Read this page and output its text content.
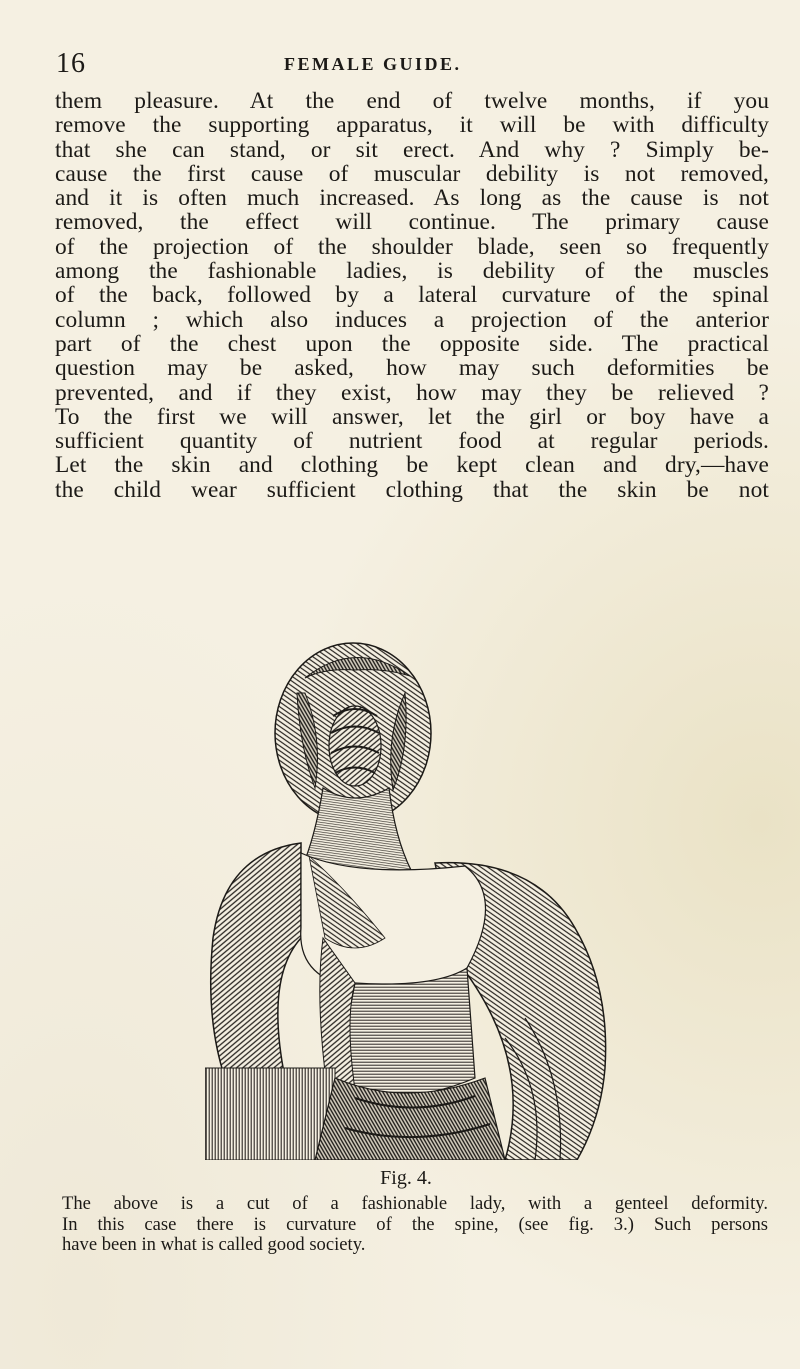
16	FEMALE GUIDE.
them pleasure. At the end of twelve months, if you
remove the supporting apparatus, it will be with difficulty
that she can stand, or sit erect. And why ? Simply be-
cause the first cause of muscular debility is not removed,
and it is often much increased. As long as the cause is not
removed, the effect will continue. The primary cause
of the projection of the shoulder blade, seen so frequently
among the fashionable ladies, is debility of the muscles
of the back, followed by a lateral curvature of the spinal
column ; which also induces a projection of the anterior
part of the chest upon the opposite side. The practical
question may be asked, how may such deformities be
prevented, and if they exist, how may they be relieved ?
To the first we will answer, let the girl or boy have a
sufficient quantity of nutrient food at regular periods.
Let the skin and clothing be kept clean and dry,—have
the child wear sufficient clothing that the skin be not
Fig. 4.
The above is a cut of a fashionable lady, with a genteel deformity.
In this case there is curvature of the spine, (see fig. 3.) Such persons
have been in what is called good society.
